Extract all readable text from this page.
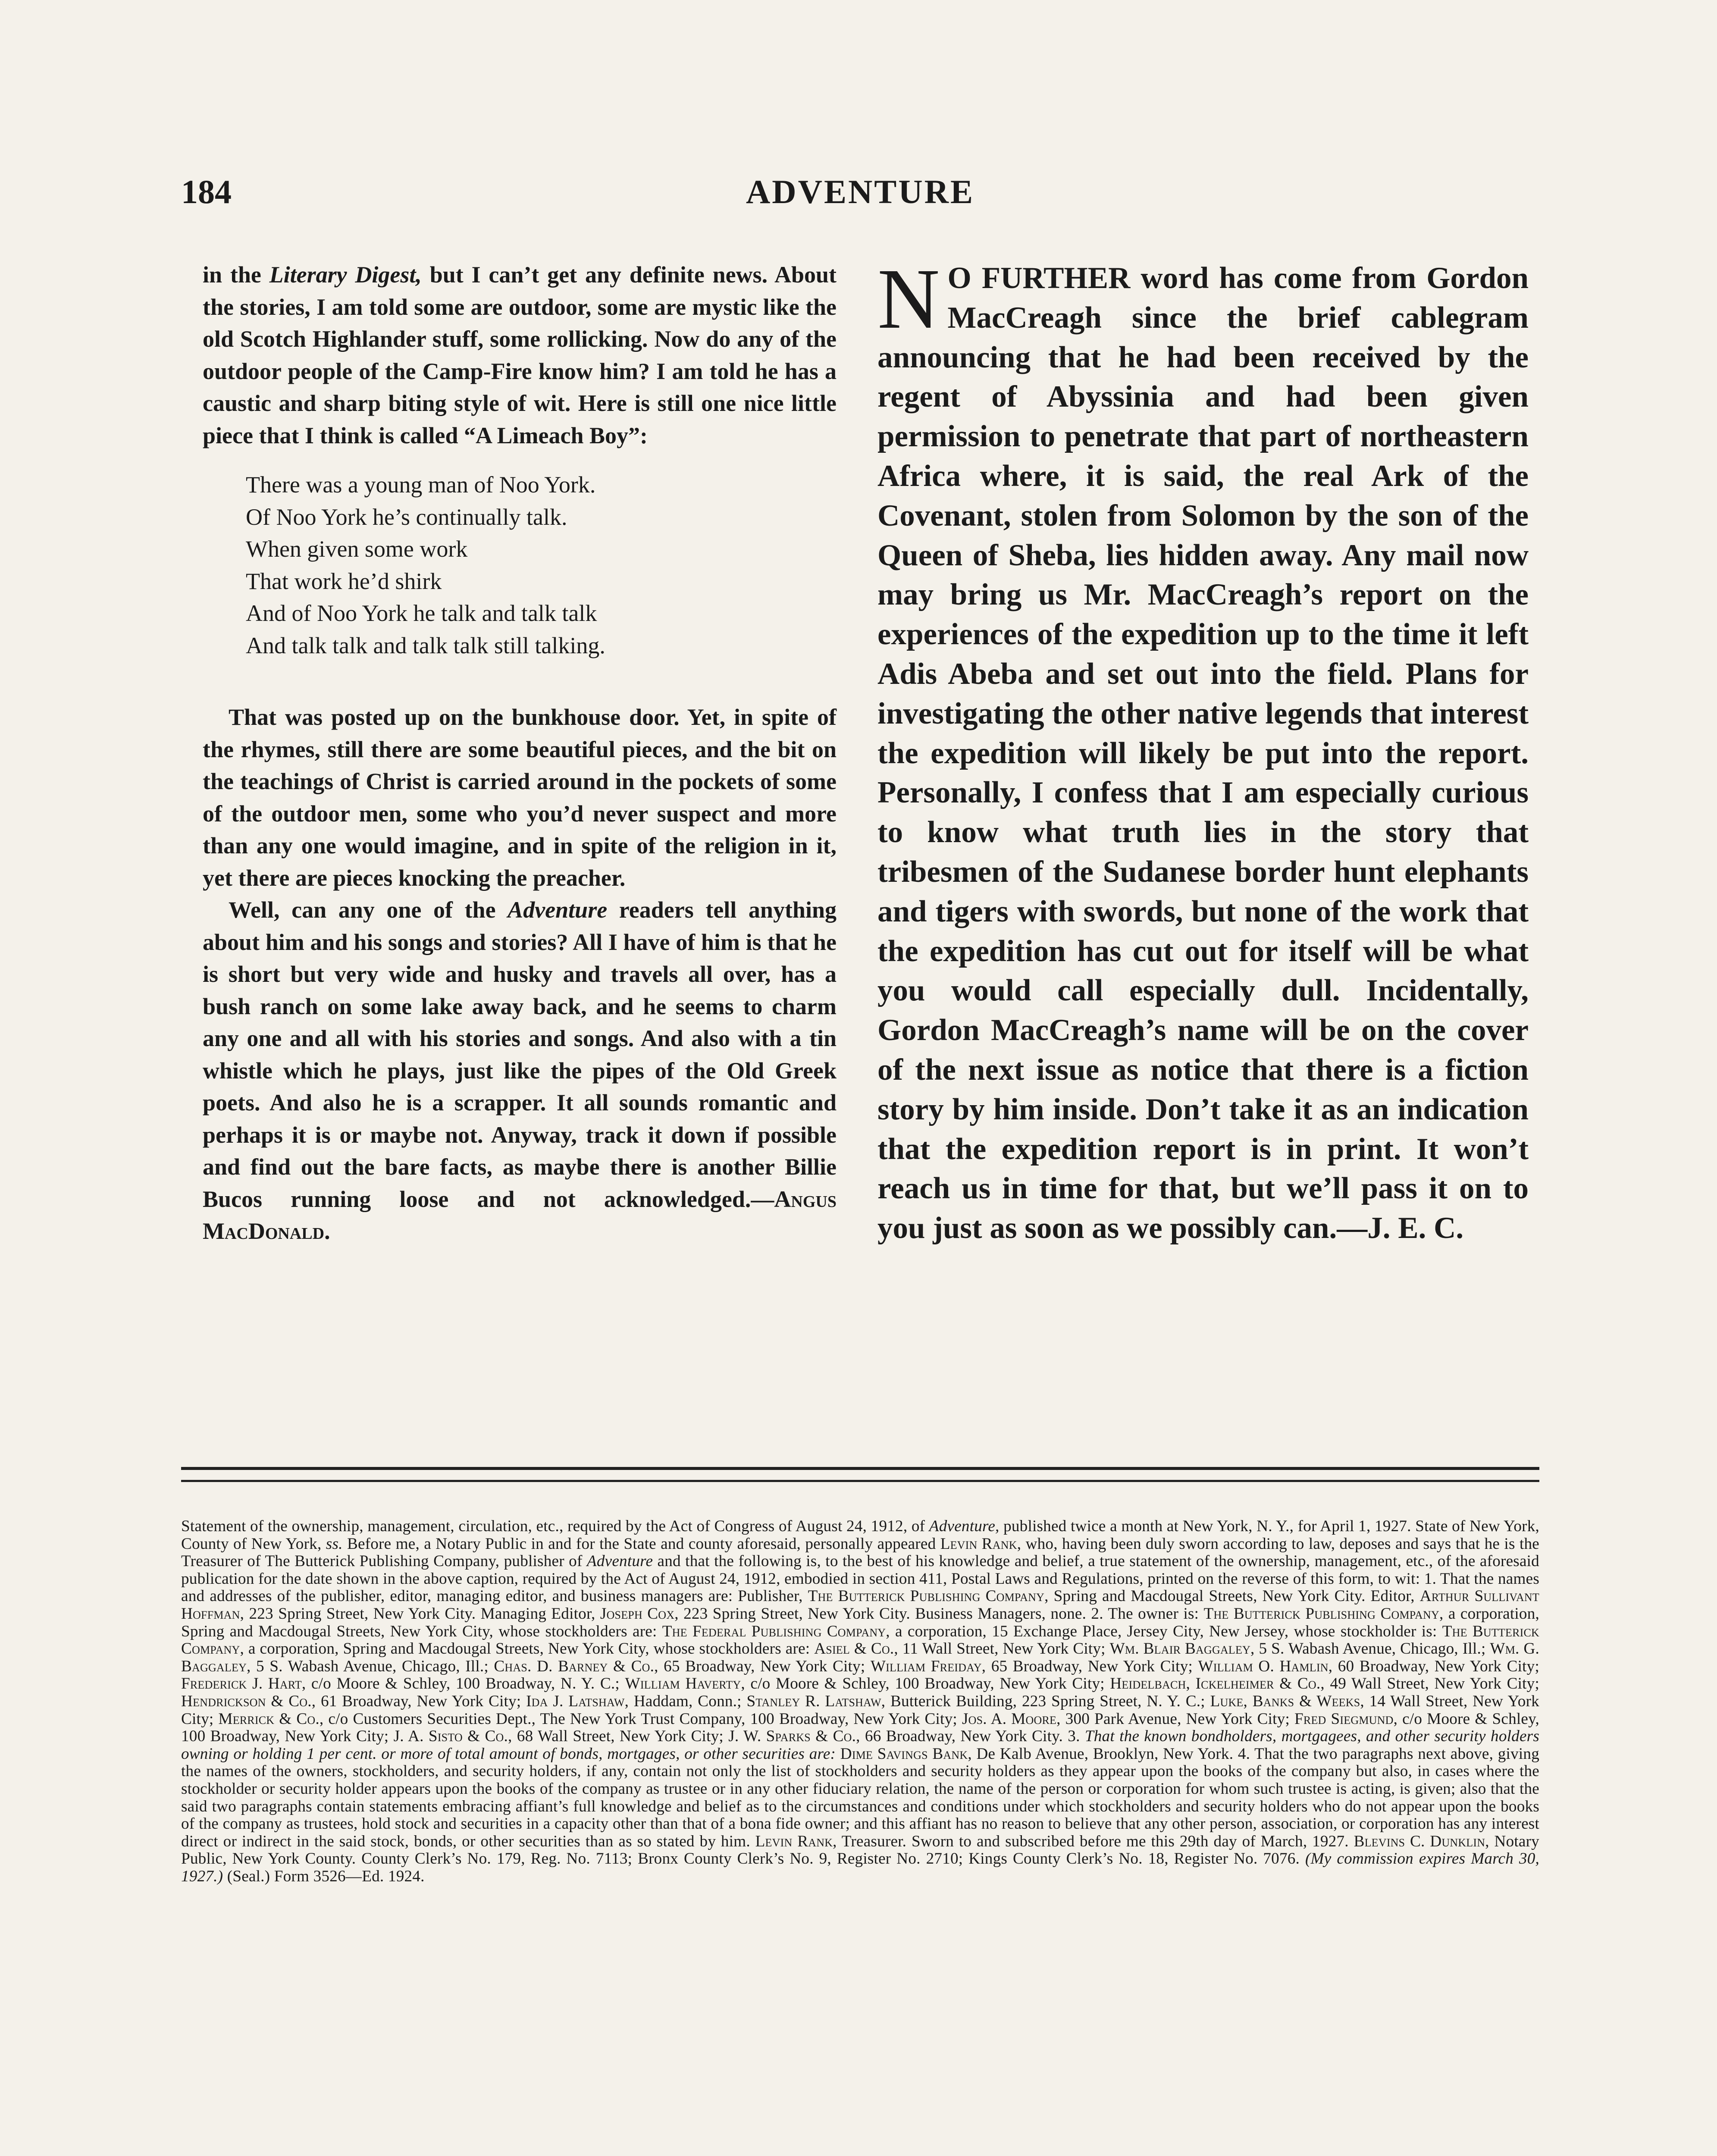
184	ADVENTURE

in the Literary Digest, but I can’t get any definite news. About the stories, I am told some are outdoor, some are mystic like the old Scotch Highlander stuff, some rollicking. Now do any of the outdoor people of the Camp-Fire know him? I am told he has a caustic and sharp biting style of wit. Here is still one nice little piece that I think is called “A Limeach Boy”:

There was a young man of Noo York.
Of Noo York he’s continually talk.
When given some work
That work he’d shirk
And of Noo York he talk and talk talk
And talk talk and talk talk still talking.

That was posted up on the bunkhouse door. Yet, in spite of the rhymes, still there are some beautiful pieces, and the bit on the teachings of Christ is carried around in the pockets of some of the outdoor men, some who you’d never suspect and more than any one would imagine, and in spite of the religion in it, yet there are pieces knocking the preacher.

Well, can any one of the Adventure readers tell anything about him and his songs and stories? All I have of him is that he is short but very wide and husky and travels all over, has a bush ranch on some lake away back, and he seems to charm any one and all with his stories and songs. And also with a tin whistle which he plays, just like the pipes of the Old Greek poets. And also he is a scrapper. It all sounds romantic and perhaps it is or maybe not. Anyway, track it down if possible and find out the bare facts, as maybe there is another Billie Bucos running loose and not acknowledged.—Angus MacDonald.

N O FURTHER word has come from Gordon MacCreagh since the brief cablegram announcing that he had been received by the regent of Abyssinia and had been given permission to penetrate that part of northeastern Africa where, it is said, the real Ark of the Covenant, stolen from Solomon by the son of the Queen of Sheba, lies hidden away. Any mail now may bring us Mr. MacCreagh’s report on the experiences of the expedition up to the time it left Adis Abeba and set out into the field. Plans for investigating the other native legends that interest the expedition will likely be put into the report. Personally, I confess that I am especially curious to know what truth lies in the story that tribesmen of the Sudanese border hunt elephants and tigers with swords, but none of the work that the expedition has cut out for itself will be what you would call especially dull. Incidentally, Gordon MacCreagh’s name will be on the cover of the next issue as notice that there is a fiction story by him inside. Don’t take it as an indication that the expedition report is in print. It won’t reach us in time for that, but we’ll pass it on to you just as soon as we possibly can.—J. E. C.

Statement of the ownership, management, circulation, etc., required by the Act of Congress of August 24, 1912, of Adventure, published twice a month at New York, N. Y., for April 1, 1927. State of New York, County of New York, ss. Before me, a Notary Public in and for the State and county aforesaid, personally appeared Levin Rank, who, having been duly sworn according to law, deposes and says that he is the Treasurer of The Butterick Publishing Company, publisher of Adventure and that the following is, to the best of his knowledge and belief, a true statement of the ownership, management, etc., of the aforesaid publication for the date shown in the above caption, required by the Act of August 24, 1912, embodied in section 411, Postal Laws and Regulations, printed on the reverse of this form, to wit: 1. That the names and addresses of the publisher, editor, managing editor, and business managers are: Publisher, The Butterick Publishing Company, Spring and Macdougal Streets, New York City. Editor, Arthur Sullivant Hoffman, 223 Spring Street, New York City. Managing Editor, Joseph Cox, 223 Spring Street, New York City. Business Managers, none. 2. The owner is: The Butterick Publishing Company, a corporation, Spring and Macdougal Streets, New York City, whose stockholders are: The Federal Publishing Company, a corporation, 15 Exchange Place, Jersey City, New Jersey, whose stockholder is: The Butterick Company, a corporation, Spring and Macdougal Streets, New York City, whose stockholders are: Asiel & Co., 11 Wall Street, New York City; Wm. Blair Baggaley, 5 S. Wabash Avenue, Chicago, Ill.; Wm. G. Baggaley, 5 S. Wabash Avenue, Chicago, Ill.; Chas. D. Barney & Co., 65 Broadway, New York City; William Freiday, 65 Broadway, New York City; William O. Hamlin, 60 Broadway, New York City; Frederick J. Hart, c/o Moore & Schley, 100 Broadway, N. Y. C.; William Haverty, c/o Moore & Schley, 100 Broadway, New York City; Heidelbach, Ickelheimer & Co., 49 Wall Street, New York City; Hendrickson & Co., 61 Broadway, New York City; Ida J. Latshaw, Haddam, Conn.; Stanley R. Latshaw, Butterick Building, 223 Spring Street, N. Y. C.; Luke, Banks & Weeks, 14 Wall Street, New York City; Merrick & Co., c/o Customers Securities Dept., The New York Trust Company, 100 Broadway, New York City; Jos. A. Moore, 300 Park Avenue, New York City; Fred Siegmund, c/o Moore & Schley, 100 Broadway, New York City; J. A. Sisto & Co., 68 Wall Street, New York City; J. W. Sparks & Co., 66 Broadway, New York City. 3. That the known bondholders, mortgagees, and other security holders owning or holding 1 per cent. or more of total amount of bonds, mortgages, or other securities are: Dime Savings Bank, De Kalb Avenue, Brooklyn, New York. 4. That the two paragraphs next above, giving the names of the owners, stockholders, and security holders, if any, contain not only the list of stockholders and security holders as they appear upon the books of the company but also, in cases where the stockholder or security holder appears upon the books of the company as trustee or in any other fiduciary relation, the name of the person or corporation for whom such trustee is acting, is given; also that the said two paragraphs contain statements embracing affiant’s full knowledge and belief as to the circumstances and conditions under which stockholders and security holders who do not appear upon the books of the company as trustees, hold stock and securities in a capacity other than that of a bona fide owner; and this affiant has no reason to believe that any other person, association, or corporation has any interest direct or indirect in the said stock, bonds, or other securities than as so stated by him. Levin Rank, Treasurer. Sworn to and subscribed before me this 29th day of March, 1927. Blevins C. Dunklin, Notary Public, New York County. County Clerk’s No. 179, Reg. No. 7113; Bronx County Clerk’s No. 9, Register No. 2710; Kings County Clerk’s No. 18, Register No. 7076. (My commission expires March 30, 1927.) (Seal.) Form 3526—Ed. 1924.
